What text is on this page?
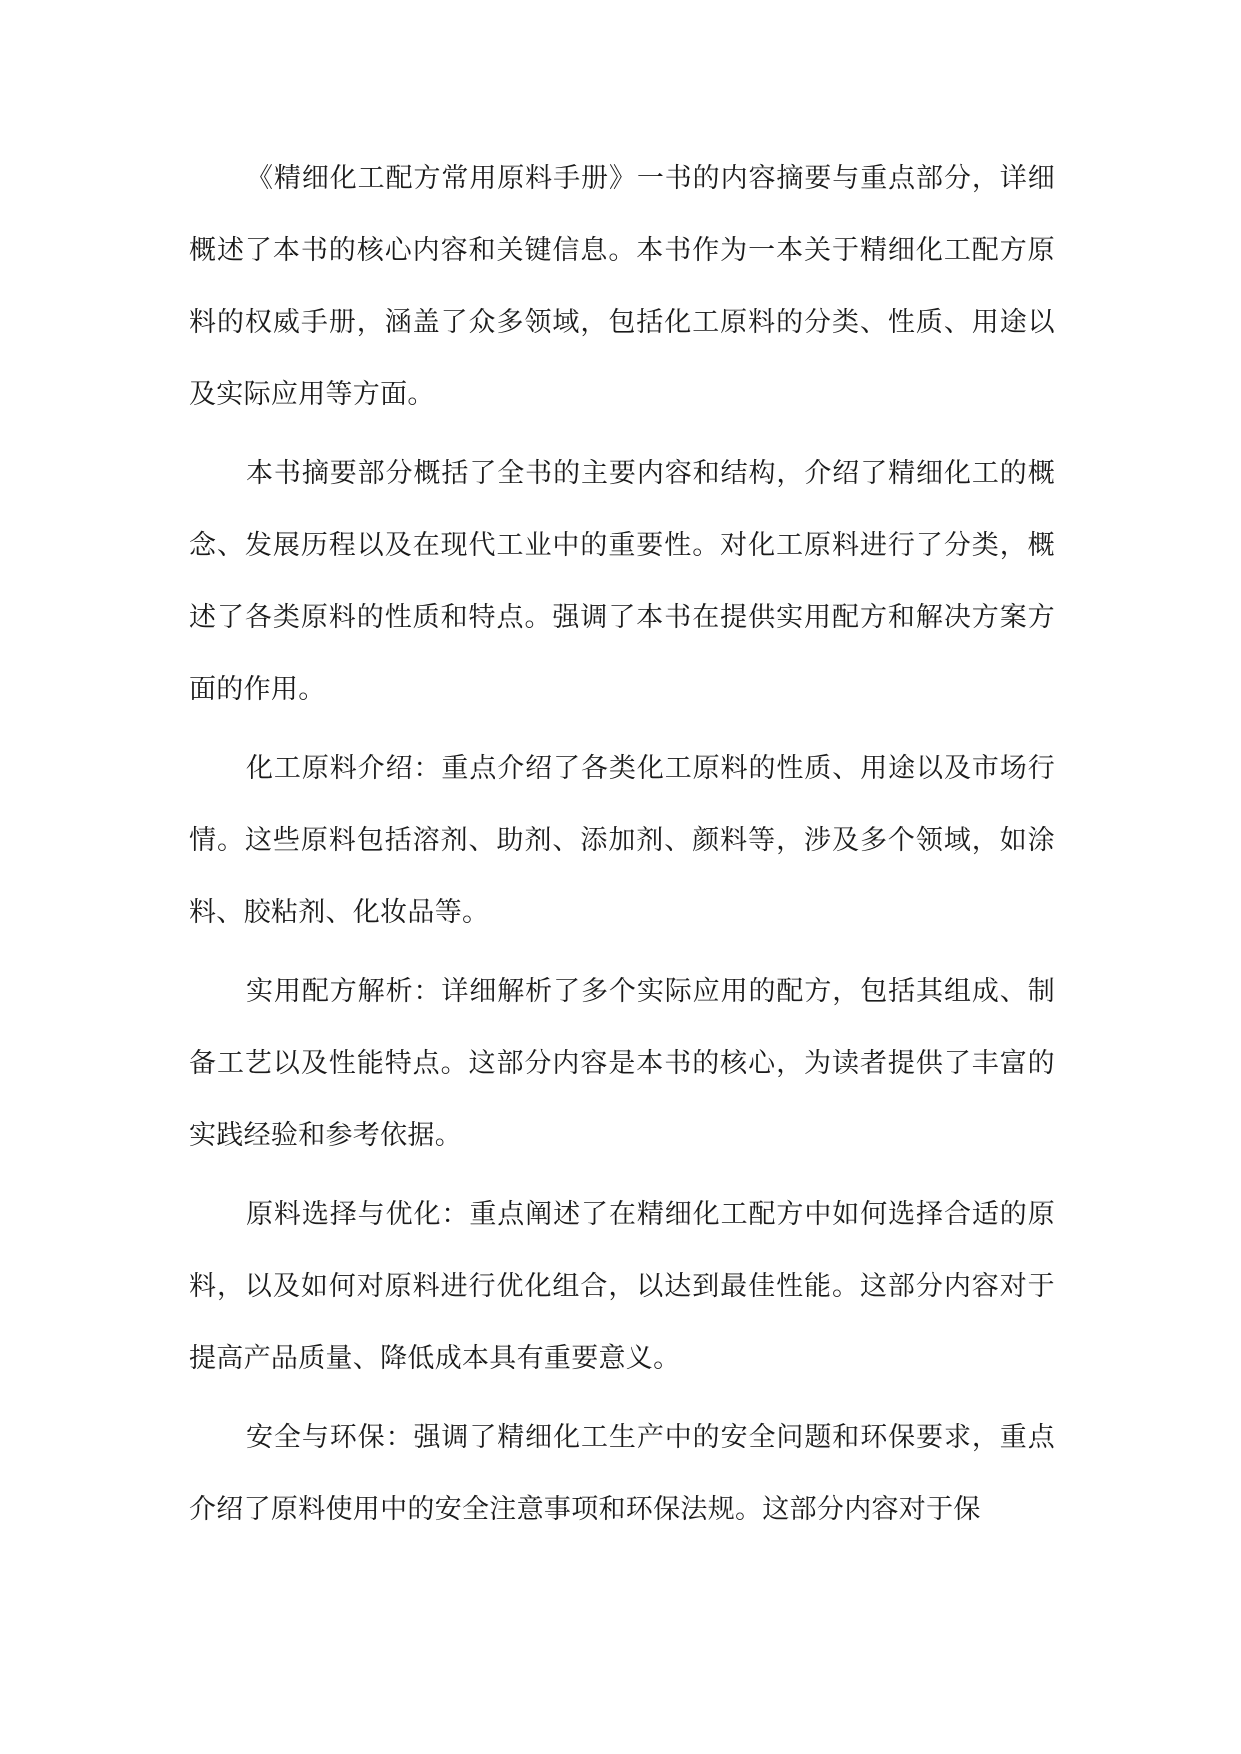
《精细化工配方常用原料手册》一书的内容摘要与重点部分，详细概述了本书的核心内容和关键信息。本书作为一本关于精细化工配方原料的权威手册，涵盖了众多领域，包括化工原料的分类、性质、用途以及实际应用等方面。

本书摘要部分概括了全书的主要内容和结构，介绍了精细化工的概念、发展历程以及在现代工业中的重要性。对化工原料进行了分类，概述了各类原料的性质和特点。强调了本书在提供实用配方和解决方案方面的作用。

化工原料介绍：重点介绍了各类化工原料的性质、用途以及市场行情。这些原料包括溶剂、助剂、添加剂、颜料等，涉及多个领域，如涂料、胶粘剂、化妆品等。

实用配方解析：详细解析了多个实际应用的配方，包括其组成、制备工艺以及性能特点。这部分内容是本书的核心，为读者提供了丰富的实践经验和参考依据。

原料选择与优化：重点阐述了在精细化工配方中如何选择合适的原料，以及如何对原料进行优化组合，以达到最佳性能。这部分内容对于提高产品质量、降低成本具有重要意义。

安全与环保：强调了精细化工生产中的安全问题和环保要求，重点介绍了原料使用中的安全注意事项和环保法规。这部分内容对于保
